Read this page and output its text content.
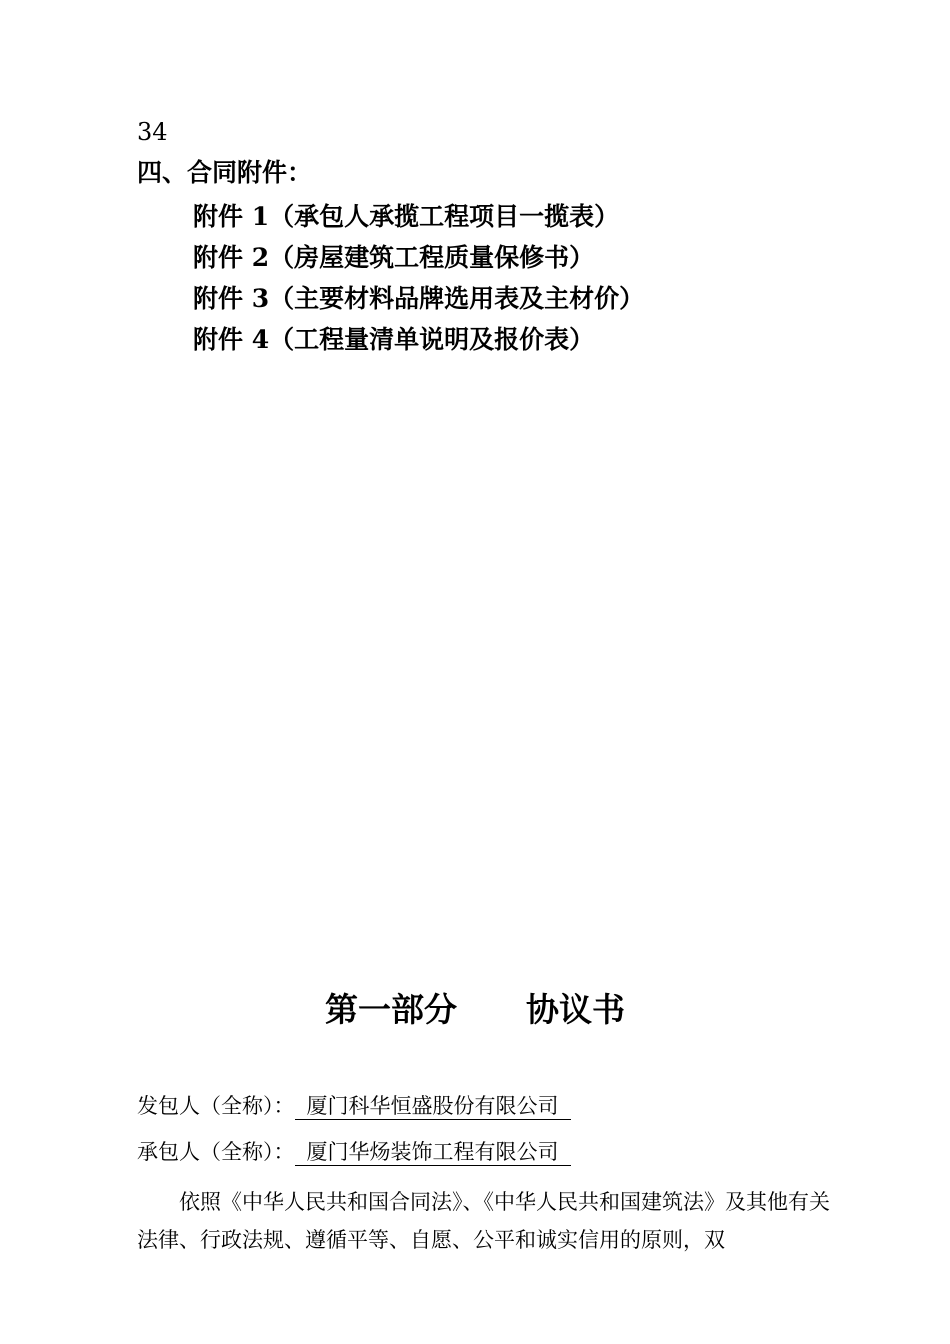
34
四、合同附件：
附件 1（承包人承揽工程项目一揽表）
附件 2（房屋建筑工程质量保修书）
附件 3（主要材料品牌选用表及主材价）
附件 4（工程量清单说明及报价表）
第一部分      协议书
发包人（全称）： 厦门科华恒盛股份有限公司
承包人（全称）： 厦门华炀装饰工程有限公司

依照《中华人民共和国合同法》、《中华人民共和国建筑法》及其他有关法律、行政法规、遵循平等、自愿、公平和诚实信用的原则，双
